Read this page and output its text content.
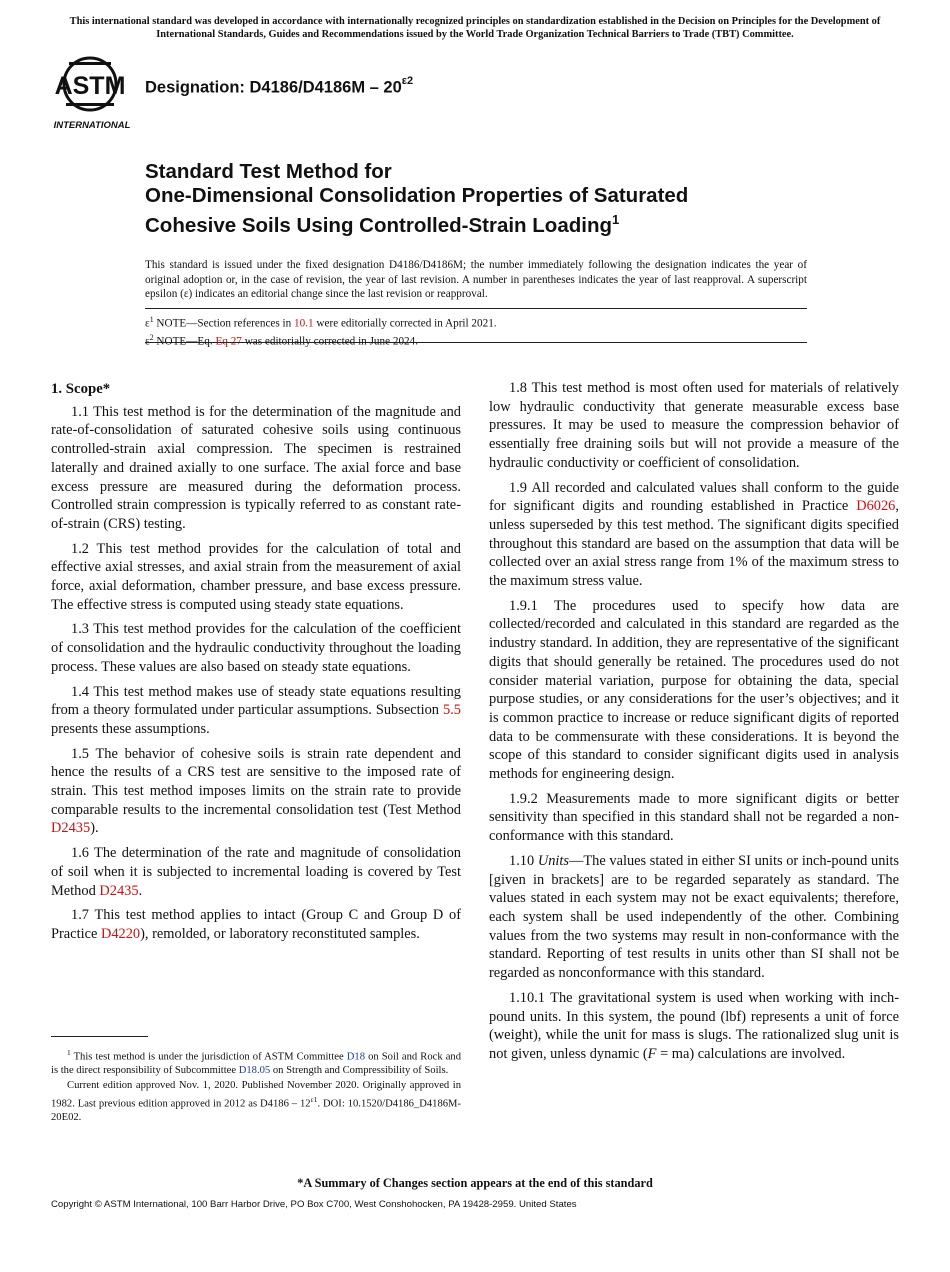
This international standard was developed in accordance with internationally recognized principles on standardization established in the Decision on Principles for the Development of International Standards, Guides and Recommendations issued by the World Trade Organization Technical Barriers to Trade (TBT) Committee.
ASTM
INTERNATIONAL
Designation: $D4186/D4186M - 20^{\varepsilon 2}$
Standard Test Method for
One-Dimensional Consolidation Properties of Saturated
Cohesive Soils Using Controlled-Strain Loading$^1$
This standard is issued under the fixed designation D4186/D4186M; the number immediately following the designation indicates the year of original adoption or, in the case of revision, the year of last revision. A number in parentheses indicates the year of last reapproval. A superscript epsilon (ε) indicates an editorial change since the last revision or reapproval.
$\varepsilon^1$ NOTE—Section references in 10.1 were editorially corrected in April 2021.
$\varepsilon^2$ NOTE—Eq. Eq 27 was editorially corrected in June 2024.
1. Scope*

1.1 This test method is for the determination of the magnitude and rate-of-consolidation of saturated cohesive soils using continuous controlled-strain axial compression. The specimen is restrained laterally and drained axially to one surface. The axial force and base excess pressure are measured during the deformation process. Controlled strain compression is typically referred to as constant rate-of-strain (CRS) testing.

1.2 This test method provides for the calculation of total and effective axial stresses, and axial strain from the measurement of axial force, axial deformation, chamber pressure, and base excess pressure. The effective stress is computed using steady state equations.

1.3 This test method provides for the calculation of the coefficient of consolidation and the hydraulic conductivity throughout the loading process. These values are also based on steady state equations.

1.4 This test method makes use of steady state equations resulting from a theory formulated under particular assumptions. Subsection 5.5 presents these assumptions.

1.5 The behavior of cohesive soils is strain rate dependent and hence the results of a CRS test are sensitive to the imposed rate of strain. This test method imposes limits on the strain rate to provide comparable results to the incremental consolidation test (Test Method D2435).

1.6 The determination of the rate and magnitude of consolidation of soil when it is subjected to incremental loading is covered by Test Method D2435.

1.7 This test method applies to intact (Group C and Group D of Practice D4220), remolded, or laboratory reconstituted samples.

1.8 This test method is most often used for materials of relatively low hydraulic conductivity that generate measurable excess base pressures. It may be used to measure the compression behavior of essentially free draining soils but will not provide a measure of the hydraulic conductivity or coefficient of consolidation.

1.9 All recorded and calculated values shall conform to the guide for significant digits and rounding established in Practice D6026, unless superseded by this test method. The significant digits specified throughout this standard are based on the assumption that data will be collected over an axial stress range from 1% of the maximum stress to the maximum stress value.

1.9.1 The procedures used to specify how data are collected/recorded and calculated in this standard are regarded as the industry standard. In addition, they are representative of the significant digits that should generally be retained. The procedures used do not consider material variation, purpose for obtaining the data, special purpose studies, or any considerations for the user’s objectives; and it is common practice to increase or reduce significant digits of reported data to be commensurate with these considerations. It is beyond the scope of this standard to consider significant digits used in analysis methods for engineering design.

1.9.2 Measurements made to more significant digits or better sensitivity than specified in this standard shall not be regarded a non-conformance with this standard.

1.10 Units—The values stated in either SI units or inch-pound units [given in brackets] are to be regarded separately as standard. The values stated in each system may not be exact equivalents; therefore, each system shall be used independently of the other. Combining values from the two systems may result in non-conformance with the standard. Reporting of test results in units other than SI shall not be regarded as nonconformance with this standard.

1.10.1 The gravitational system is used when working with inch-pound units. In this system, the pound (lbf) represents a unit of force (weight), while the unit for mass is slugs. The rationalized slug unit is not given, unless dynamic (F = ma) calculations are involved.

$^1$ This test method is under the jurisdiction of ASTM Committee D18 on Soil and Rock and is the direct responsibility of Subcommittee D18.05 on Strength and Compressibility of Soils.

Current edition approved Nov. 1, 2020. Published November 2020. Originally approved in 1982. Last previous edition approved in 2012 as $D4186 - 12^{\varepsilon 1}$. DOI: 10.1520/D4186_D4186M-20E02.

*A Summary of Changes section appears at the end of this standard
Copyright © ASTM International, 100 Barr Harbor Drive, PO Box C700, West Conshohocken, PA 19428-2959. United States
